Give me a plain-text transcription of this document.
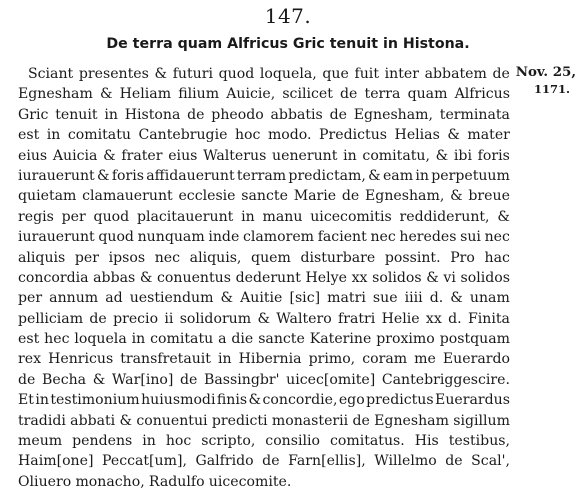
147.
De terra quam Alfricus Gric tenuit in Histona.
Nov. 25,
1171.
Sciant presentes & futuri quod loquela, que fuit inter abbatem de
Egnesham & Heliam filium Auicie, scilicet de terra quam Alfricus
Gric tenuit in Histona de pheodo abbatis de Egnesham, terminata
est in comitatu Cantebrugie hoc modo. Predictus Helias & mater
eius Auicia & frater eius Walterus uenerunt in comitatu, & ibi foris
iurauerunt & foris affidauerunt terram predictam, & eam in perpetuum
quietam clamauerunt ecclesie sancte Marie de Egnesham, & breue
regis per quod placitauerunt in manu uicecomitis reddiderunt, &
iurauerunt quod nunquam inde clamorem facient nec heredes sui nec
aliquis per ipsos nec aliquis, quem disturbare possint. Pro hac
concordia abbas & conuentus dederunt Helye xx solidos & vi solidos
per annum ad uestiendum & Auitie [sic] matri sue iiii d. & unam
pelliciam de precio ii solidorum & Waltero fratri Helie xx d. Finita
est hec loquela in comitatu a die sancte Katerine proximo postquam
rex Henricus transfretauit in Hibernia primo, coram me Euerardo
de Becha & War[ino] de Bassingbr' uicec[omite] Cantebriggescire.
Et in testimonium huiusmodi finis & concordie, ego predictus Euerardus
tradidi abbati & conuentui predicti monasterii de Egnesham sigillum
meum pendens in hoc scripto, consilio comitatus. His testibus,
Haim[one] Peccat[um], Galfrido de Farn[ellis], Willelmo de Scal',
Oliuero monacho, Radulfo uicecomite.
